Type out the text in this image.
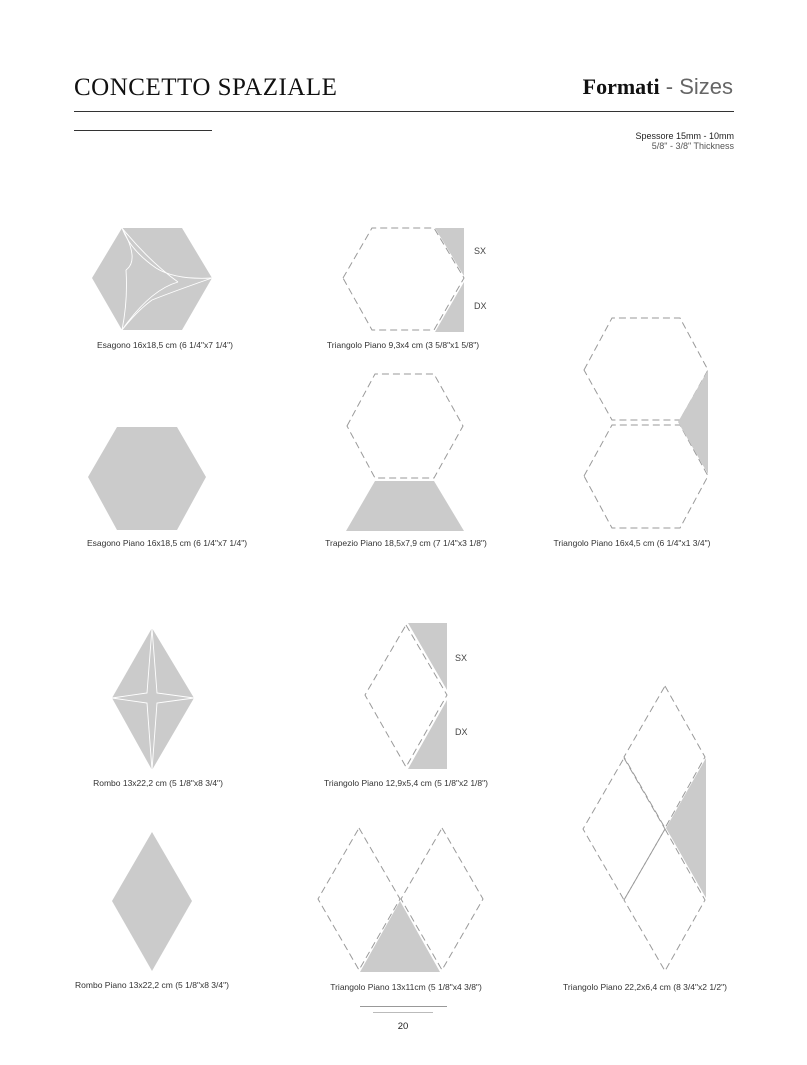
CONCETTO SPAZIALE	Formati - Sizes
Spessore 15mm - 10mm
5/8" - 3/8" Thickness
Esagono 16x18,5 cm (6 1/4"x7 1/4")	Triangolo Piano 9,3x4 cm (3 5/8"x1 5/8")
SX
DX
Esagono Piano 16x18,5 cm (6 1/4"x7 1/4")	Trapezio Piano 18,5x7,9 cm (7 1/4"x3 1/8")	Triangolo Piano 16x4,5 cm (6 1/4"x1 3/4")
Rombo 13x22,2 cm (5 1/8"x8 3/4")	Triangolo Piano 12,9x5,4 cm (5 1/8"x2 1/8")
SX
DX
Rombo Piano 13x22,2 cm (5 1/8"x8 3/4")	Triangolo Piano 13x11cm (5 1/8"x4 3/8")	Triangolo Piano 22,2x6,4 cm (8 3/4"x2 1/2")
20
